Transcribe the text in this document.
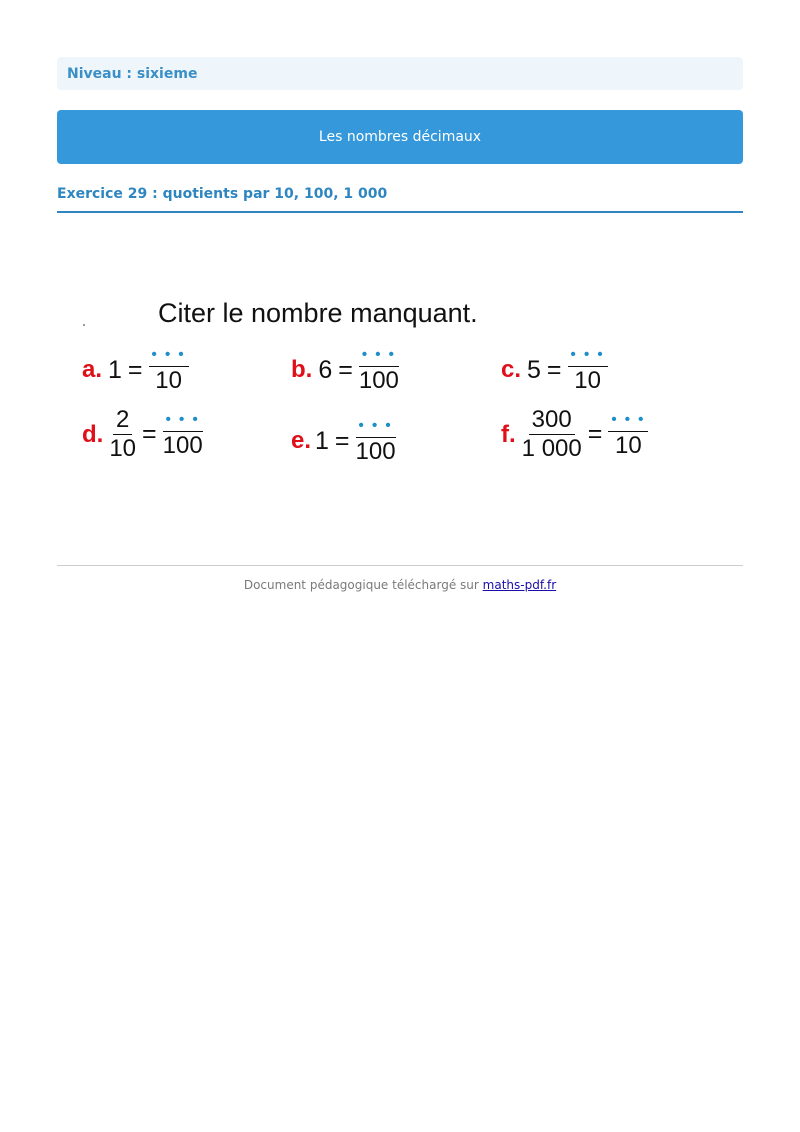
Niveau : sixieme
Les nombres décimaux
Exercice 29 : quotients par 10, 100, 1 000
Citer le nombre manquant.
a. $1 = \frac{• • •}{10}$	b. $6 = \frac{• • •}{100}$	c. $5 = \frac{• • •}{10}$
d. $\frac{2}{10} = \frac{• • •}{100}$	e. $1 = \frac{• • •}{100}$	f. $\frac{300}{1 000} = \frac{• • •}{10}$
Document pédagogique téléchargé sur maths-pdf.fr
